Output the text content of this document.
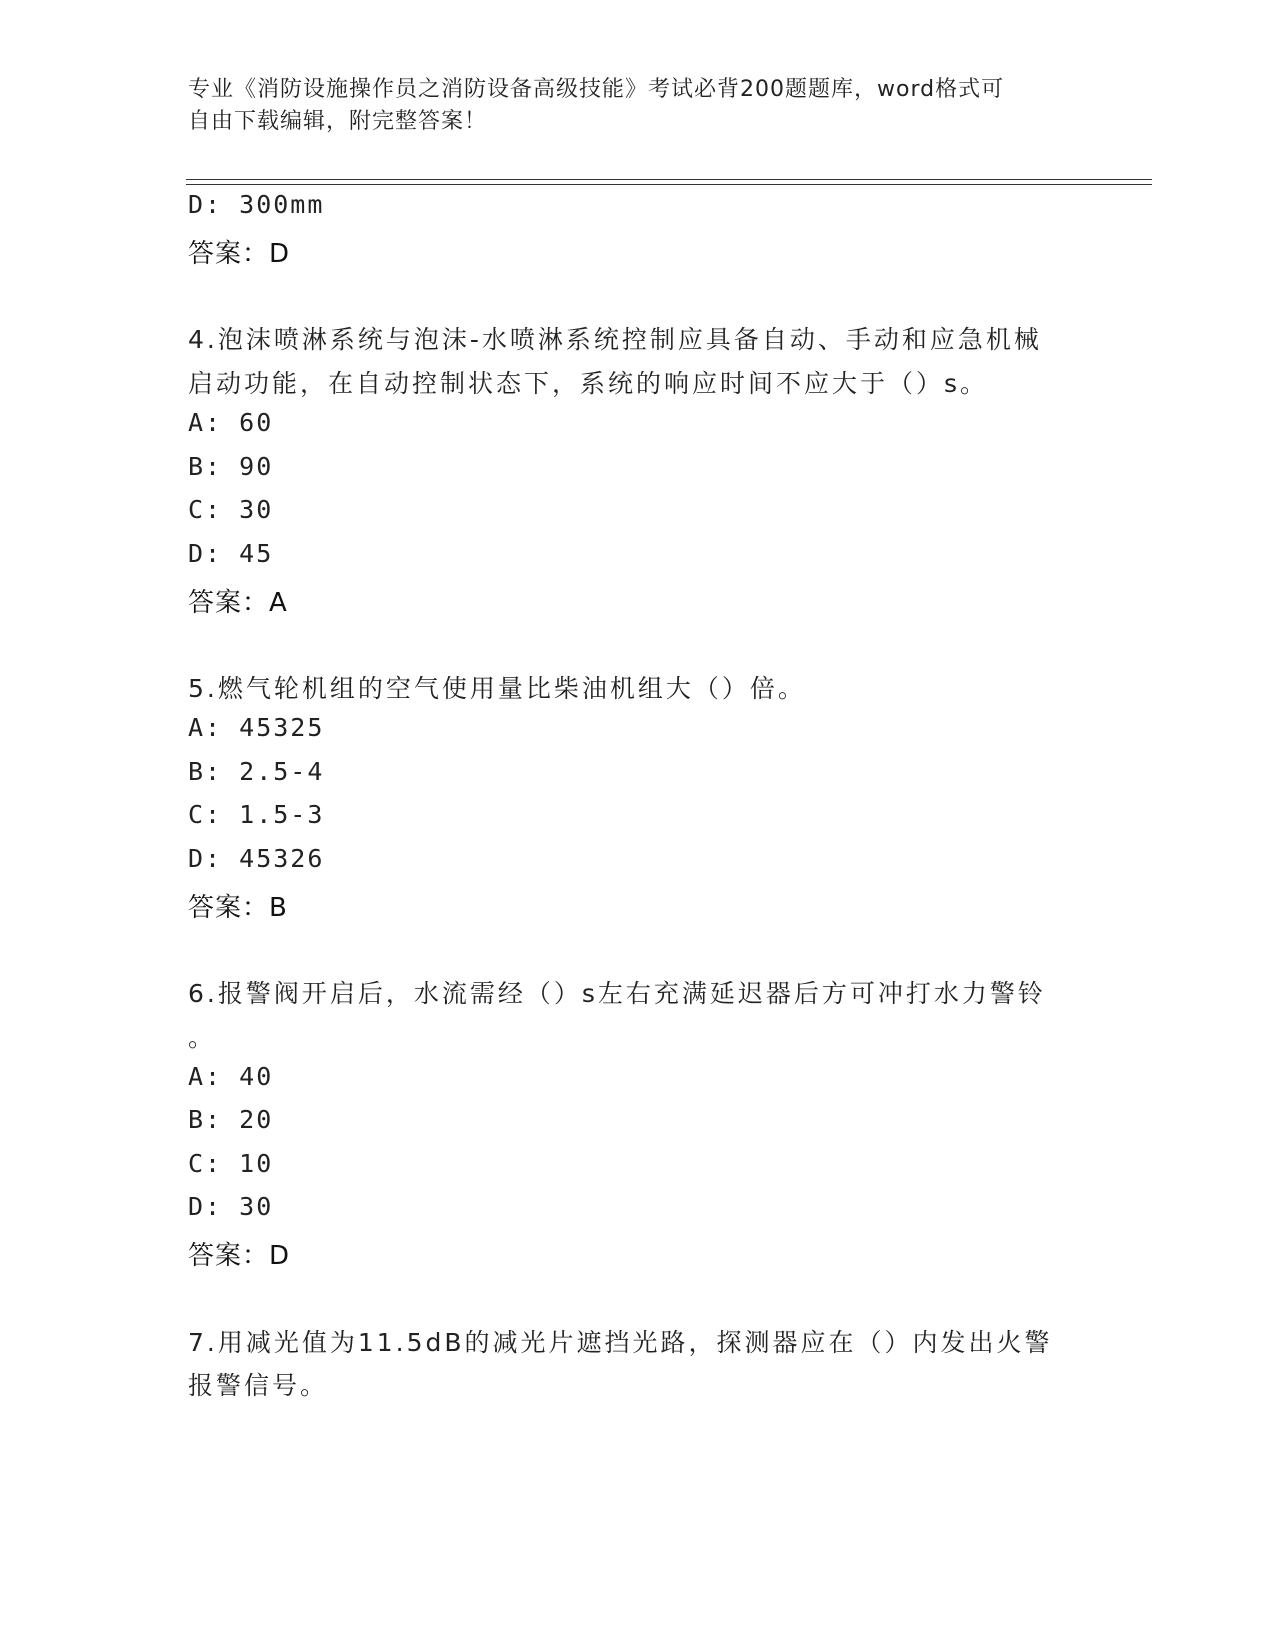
专业《消防设施操作员之消防设备高级技能》考试必背200题题库，word格式可
自由下载编辑，附完整答案！
D: 300mm
答案：D
4.泡沫喷淋系统与泡沫-水喷淋系统控制应具备自动、手动和应急机械
启动功能，在自动控制状态下，系统的响应时间不应大于（）s。
A: 60
B: 90
C: 30
D: 45
答案：A
5.燃气轮机组的空气使用量比柴油机组大（）倍。
A: 45325
B: 2.5-4
C: 1.5-3
D: 45326
答案：B
6.报警阀开启后，水流需经（）s左右充满延迟器后方可冲打水力警铃
。
A: 40
B: 20
C: 10
D: 30
答案：D
7.用减光值为11.5dB的减光片遮挡光路，探测器应在（）内发出火警
报警信号。
